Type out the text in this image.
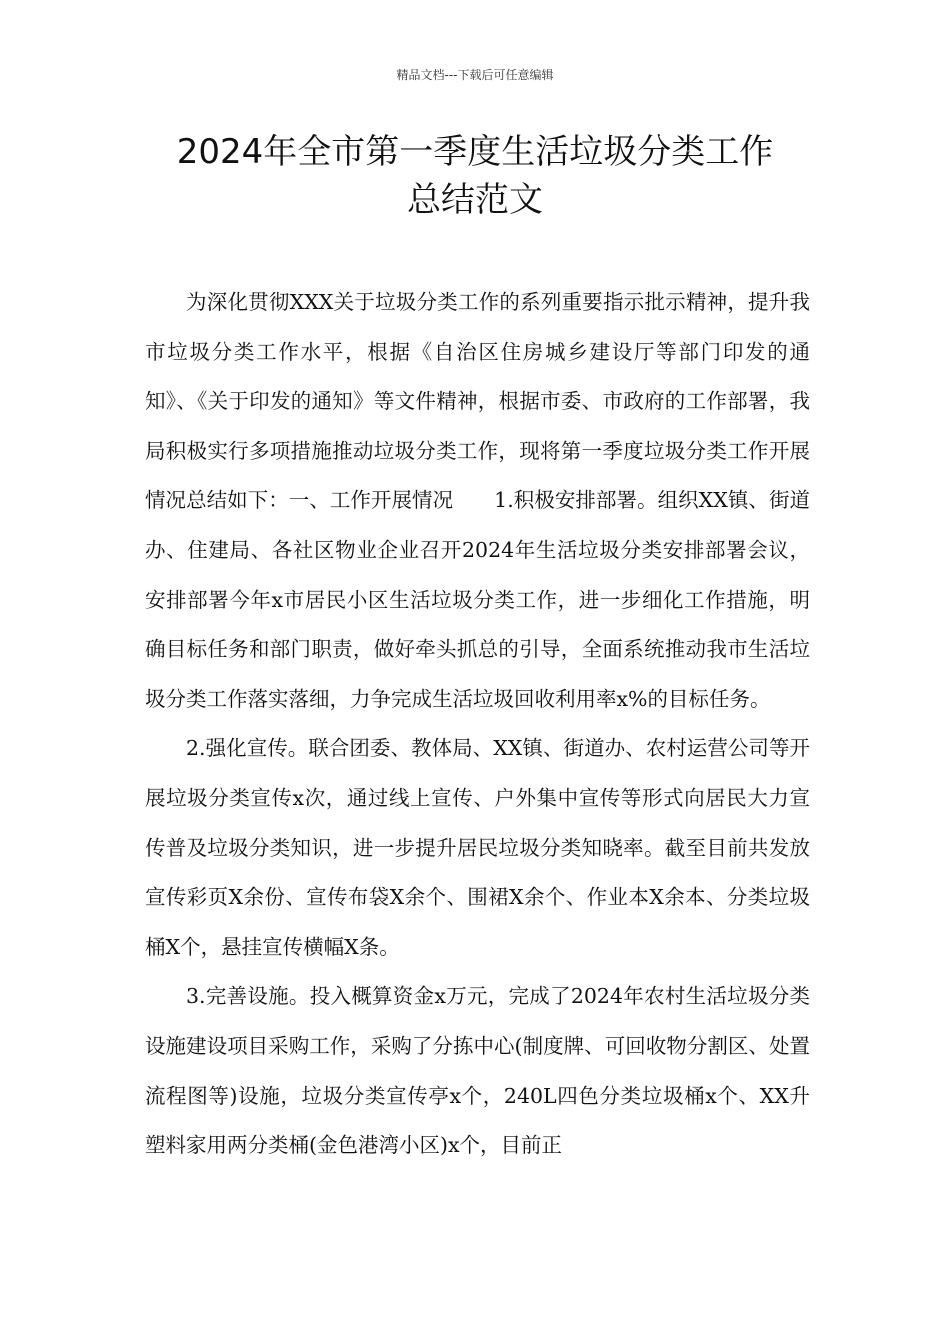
精品文档---下载后可任意编辑
2024年全市第一季度生活垃圾分类工作
总结范文

为深化贯彻XXX关于垃圾分类工作的系列重要指示批示精神，提升我市垃圾分类工作水平，根据《自治区住房城乡建设厅等部门印发的通知》、《关于印发的通知》等文件精神，根据市委、市政府的工作部署，我局积极实行多项措施推动垃圾分类工作，现将第一季度垃圾分类工作开展情况总结如下：一、工作开展情况　　1.积极安排部署。组织XX镇、街道办、住建局、各社区物业企业召开2024年生活垃圾分类安排部署会议，安排部署今年x市居民小区生活垃圾分类工作，进一步细化工作措施，明确目标任务和部门职责，做好牵头抓总的引导，全面系统推动我市生活垃圾分类工作落实落细，力争完成生活垃圾回收利用率x%的目标任务。

2.强化宣传。联合团委、教体局、XX镇、街道办、农村运营公司等开展垃圾分类宣传x次，通过线上宣传、户外集中宣传等形式向居民大力宣传普及垃圾分类知识，进一步提升居民垃圾分类知晓率。截至目前共发放宣传彩页X余份、宣传布袋X余个、围裙X余个、作业本X余本、分类垃圾桶X个，悬挂宣传横幅X条。

3.完善设施。投入概算资金x万元，完成了2024年农村生活垃圾分类设施建设项目采购工作，采购了分拣中心(制度牌、可回收物分割区、处置流程图等)设施，垃圾分类宣传亭x个，240L四色分类垃圾桶x个、XX升塑料家用两分类桶(金色港湾小区)x个，目前正
